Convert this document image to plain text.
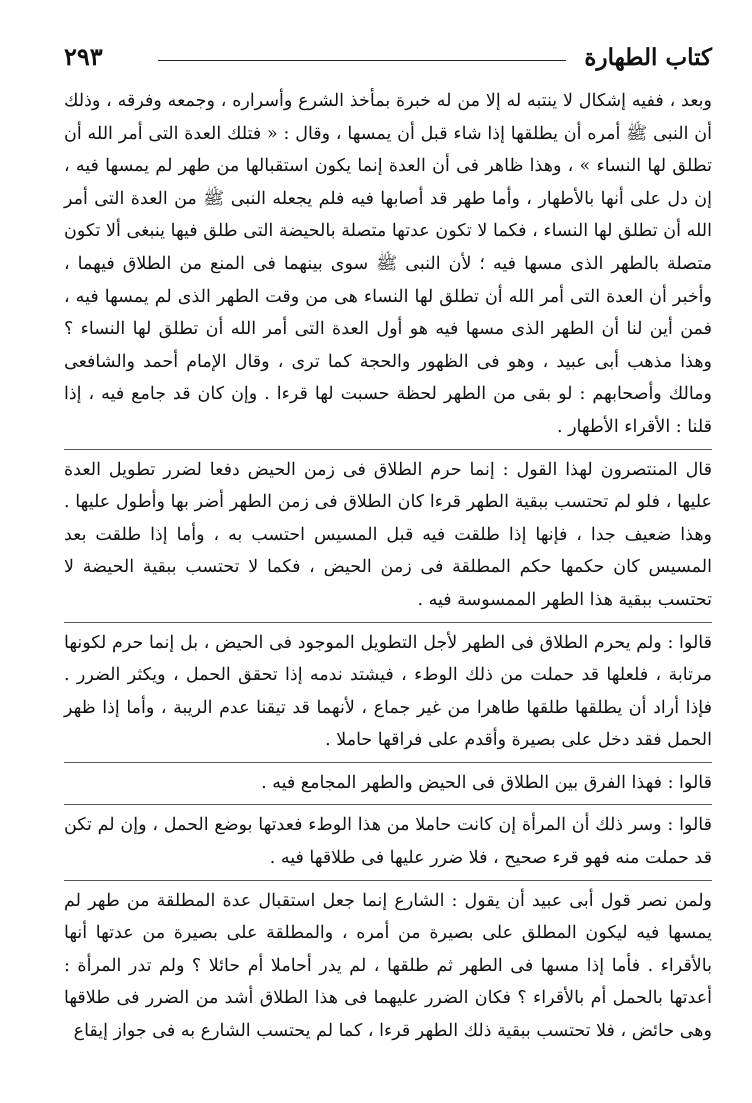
كتاب الطهارة
٢٩٣

وبعد ، ففيه إشكال لا ينتبه له إلا من له خبرة بمأخذ الشرع وأسراره ، وجمعه وفرقه ، وذلك أن النبى ﷺ أمره أن يطلقها إذا شاء قبل أن يمسها ، وقال : « فتلك العدة التى أمر الله أن تطلق لها النساء » ، وهذا ظاهر فى أن العدة إنما يكون استقبالها من طهر لم يمسها فيه ، إن دل على أنها بالأطهار ، وأما طهر قد أصابها فيه فلم يجعله النبى ﷺ من العدة التى أمر الله أن تطلق لها النساء ، فكما لا تكون عدتها متصلة بالحيضة التى طلق فيها ينبغى ألا تكون متصلة بالطهر الذى مسها فيه ؛ لأن النبى ﷺ سوى بينهما فى المنع من الطلاق فيهما ، وأخبر أن العدة التى أمر الله أن تطلق لها النساء هى من وقت الطهر الذى لم يمسها فيه ، فمن أين لنا أن الطهر الذى مسها فيه هو أول العدة التى أمر الله أن تطلق لها النساء ؟ وهذا مذهب أبى عبيد ، وهو فى الظهور والحجة كما ترى ، وقال الإمام أحمد والشافعى ومالك وأصحابهم : لو بقى من الطهر لحظة حسبت لها قرءا . وإن كان قد جامع فيه ، إذا قلنا : الأقراء الأطهار .

قال المنتصرون لهذا القول : إنما حرم الطلاق فى زمن الحيض دفعا لضرر تطويل العدة عليها ، فلو لم تحتسب ببقية الطهر قرءا كان الطلاق فى زمن الطهر أضر بها وأطول عليها . وهذا ضعيف جدا ، فإنها إذا طلقت فيه قبل المسيس احتسب به ، وأما إذا طلقت بعد المسيس كان حكمها حكم المطلقة فى زمن الحيض ، فكما لا تحتسب ببقية الحيضة لا تحتسب ببقية هذا الطهر الممسوسة فيه .

قالوا : ولم يحرم الطلاق فى الطهر لأجل التطويل الموجود فى الحيض ، بل إنما حرم لكونها مرتابة ، فلعلها قد حملت من ذلك الوطء ، فيشتد ندمه إذا تحقق الحمل ، ويكثر الضرر . فإذا أراد أن يطلقها طلقها طاهرا من غير جماع ، لأنهما قد تيقنا عدم الريبة ، وأما إذا ظهر الحمل فقد دخل على بصيرة وأقدم على فراقها حاملا .

قالوا : فهذا الفرق بين الطلاق فى الحيض والطهر المجامع فيه .

قالوا : وسر ذلك أن المرأة إن كانت حاملا من هذا الوطء فعدتها بوضع الحمل ، وإن لم تكن قد حملت منه فهو قرء صحيح ، فلا ضرر عليها فى طلاقها فيه .

ولمن نصر قول أبى عبيد أن يقول : الشارع إنما جعل استقبال عدة المطلقة من طهر لم يمسها فيه ليكون المطلق على بصيرة من أمره ، والمطلقة على بصيرة من عدتها أنها بالأقراء . فأما إذا مسها فى الطهر ثم طلقها ، لم يدر أحاملا أم حائلا ؟ ولم تدر المرأة : أعدتها بالحمل أم بالأقراء ؟ فكان الضرر عليهما فى هذا الطلاق أشد من الضرر فى طلاقها وهى حائض ، فلا تحتسب ببقية ذلك الطهر قرءا ، كما لم يحتسب الشارع به فى جواز إيقاع
